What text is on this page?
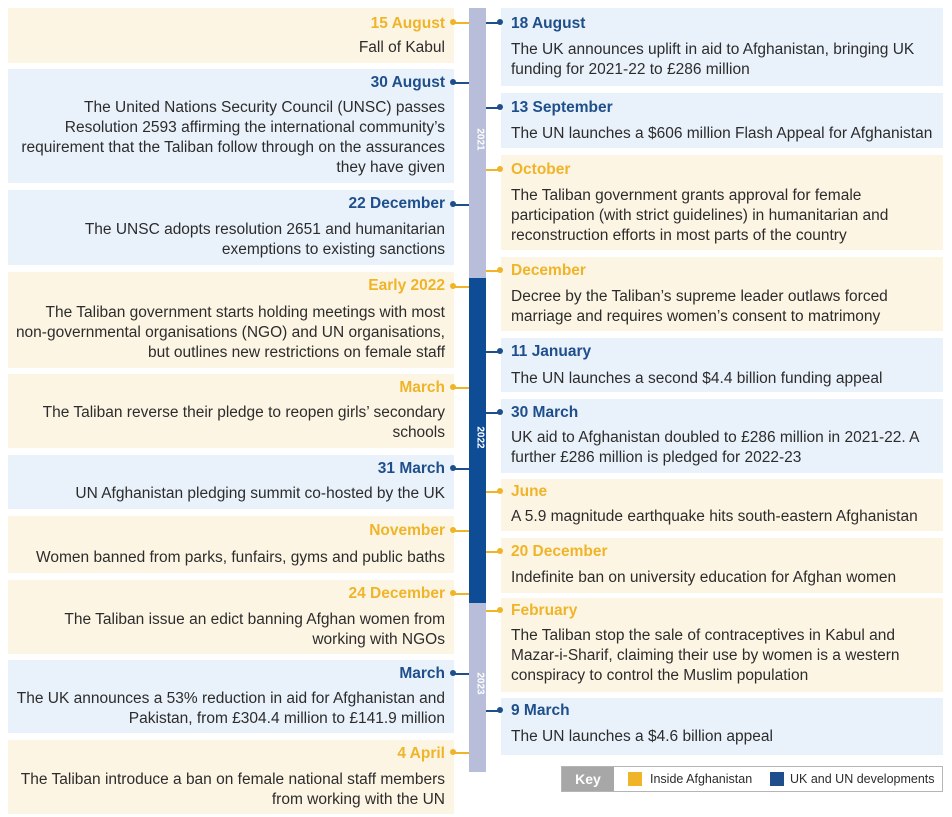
2021
2022
2023
15 August
Fall of Kabul
30 August
The United Nations Security Council (UNSC) passes Resolution 2593 affirming the international community’s requirement that the Taliban follow through on the assurances they have given
22 December
The UNSC adopts resolution 2651 and humanitarian exemptions to existing sanctions
Early 2022
The Taliban government starts holding meetings with most non-governmental organisations (NGO) and UN organisations, but outlines new restrictions on female staff
March
The Taliban reverse their pledge to reopen girls’ secondary schools
31 March
UN Afghanistan pledging summit co-hosted by the UK
November
Women banned from parks, funfairs, gyms and public baths
24 December
The Taliban issue an edict banning Afghan women from working with NGOs
March
The UK announces a 53% reduction in aid for Afghanistan and Pakistan, from £304.4 million to £141.9 million
4 April
The Taliban introduce a ban on female national staff members from working with the UN
18 August
The UK announces uplift in aid to Afghanistan, bringing UK funding for 2021-22 to £286 million
13 September
The UN launches a $606 million Flash Appeal for Afghanistan
October
The Taliban government grants approval for female participation (with strict guidelines) in humanitarian and reconstruction efforts in most parts of the country
December
Decree by the Taliban’s supreme leader outlaws forced marriage and requires women’s consent to matrimony
11 January
The UN launches a second $4.4 billion funding appeal
30 March
UK aid to Afghanistan doubled to £286 million in 2021-22. A further £286 million is pledged for 2022-23
June
A 5.9 magnitude earthquake hits south-eastern Afghanistan
20 December
Indefinite ban on university education for Afghan women
February
The Taliban stop the sale of contraceptives in Kabul and Mazar-i-Sharif, claiming their use by women is a western conspiracy to control the Muslim population
9 March
The UN launches a $4.6 billion appeal
Key	Inside Afghanistan	UK and UN developments
